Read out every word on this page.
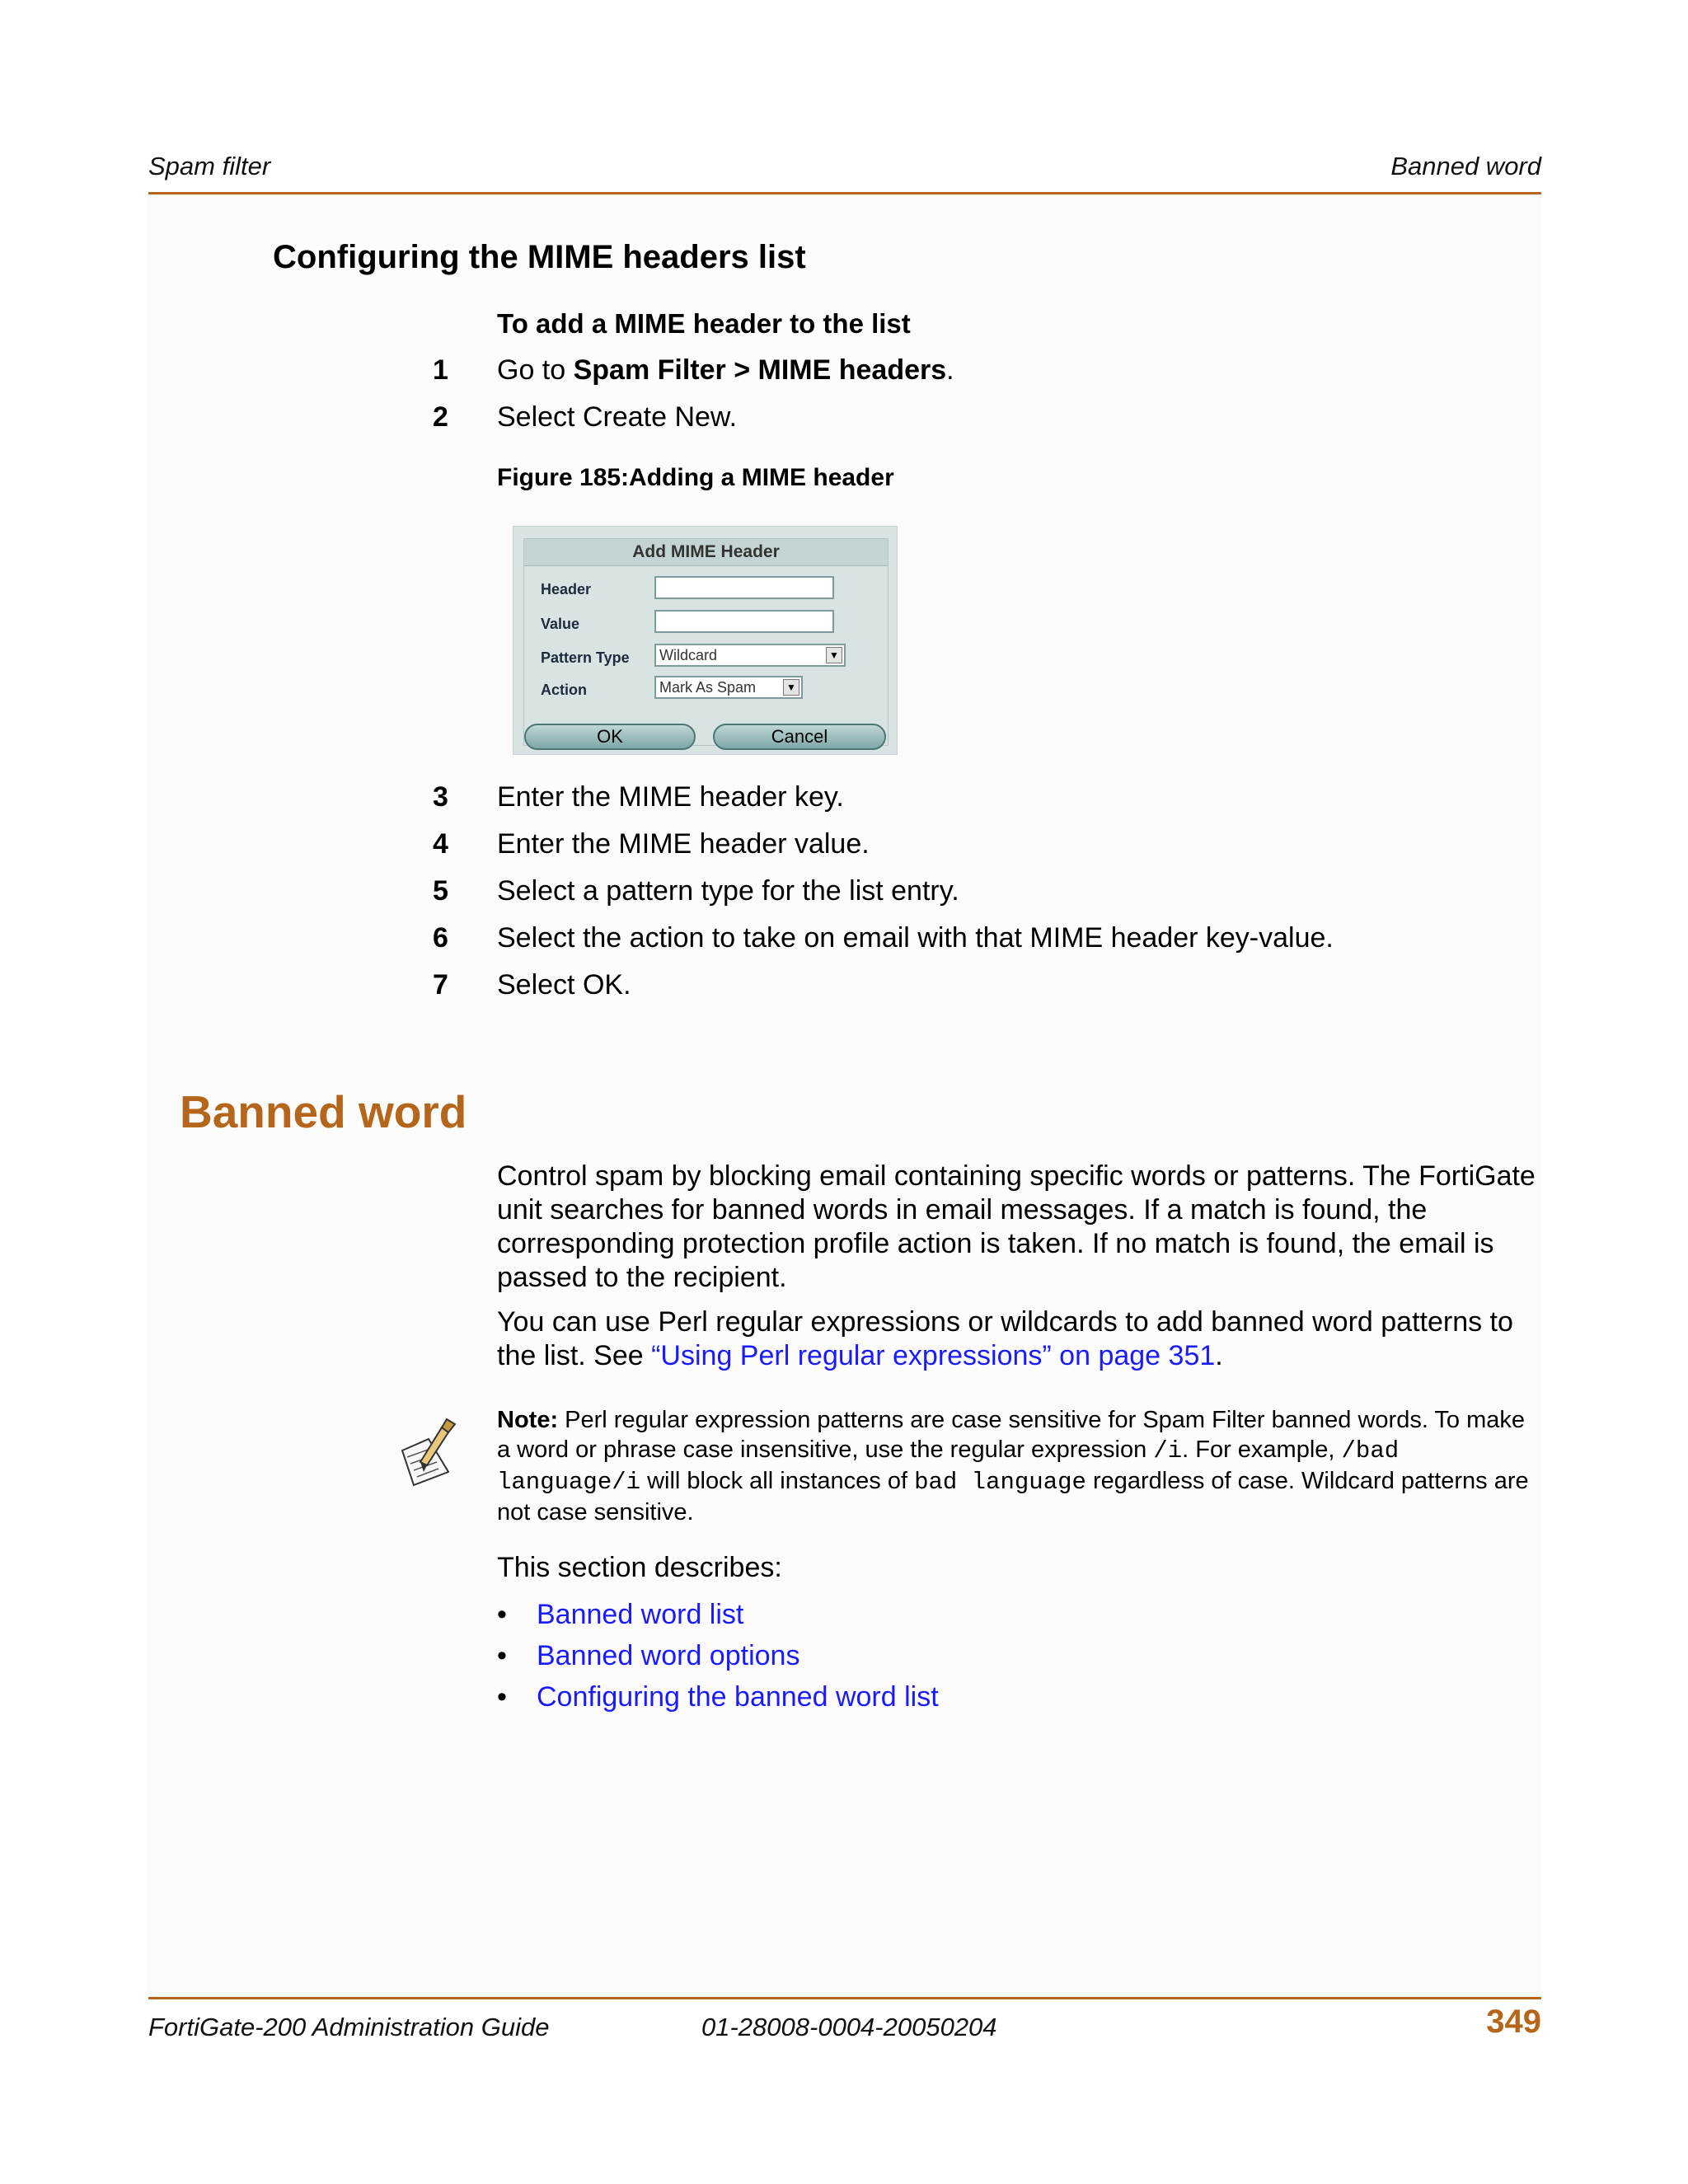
Spam filter	Banned word
Configuring the MIME headers list
To add a MIME header to the list
1 Go to Spam Filter > MIME headers.
2 Select Create New.
Figure 185:Adding a MIME header
Add MIME Header
Header
Value
Pattern Type	Wildcard	▼
Action	Mark As Spam	▼
OK	Cancel
3 Enter the MIME header key.
4 Enter the MIME header value.
5 Select a pattern type for the list entry.
6 Select the action to take on email with that MIME header key-value.
7 Select OK.
Banned word
Control spam by blocking email containing specific words or patterns. The FortiGate unit searches for banned words in email messages. If a match is found, the corresponding protection profile action is taken. If no match is found, the email is passed to the recipient.
You can use Perl regular expressions or wildcards to add banned word patterns to the list. See “Using Perl regular expressions” on page 351.
Note: Perl regular expression patterns are case sensitive for Spam Filter banned words. To make a word or phrase case insensitive, use the regular expression /i. For example, /bad language/i will block all instances of bad language regardless of case. Wildcard patterns are not case sensitive.
This section describes:
• Banned word list
• Banned word options
• Configuring the banned word list
FortiGate-200 Administration Guide	01-28008-0004-20050204	349
